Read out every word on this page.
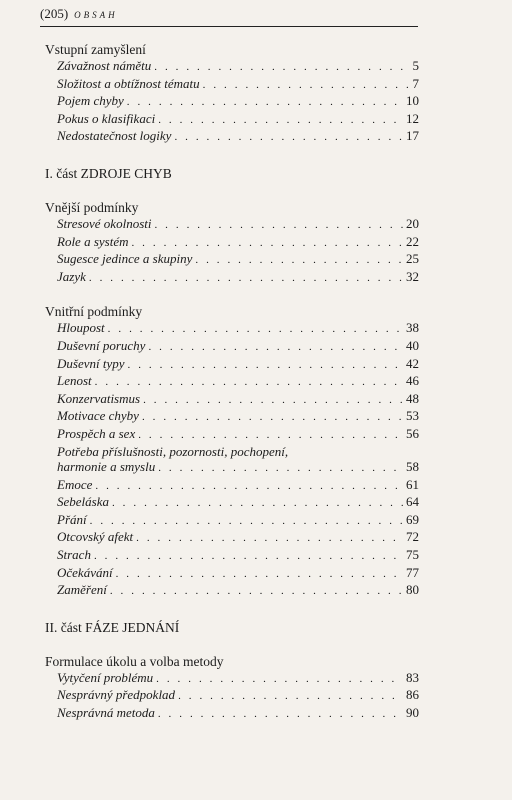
(205) OBSAH
Vstupní zamyšlení
Závažnost námětu . . .	5
Složitost a obtížnost tématu . . .	7
Pojem chyby . . .	10
Pokus o klasifikaci . . .	12
Nedostatečnost logiky . . .	17
I. část ZDROJE CHYB
Vnější podmínky
Stresové okolnosti . . .	20
Role a systém . . .	22
Sugesce jedince a skupiny . . .	25
Jazyk . . .	32
Vnitřní podmínky
Hloupost . . .	38
Duševní poruchy . . .	40
Duševní typy . . .	42
Lenost . . .	46
Konzervatismus . . .	48
Motivace chyby . . .	53
Prospěch a sex . . .	56
Potřeba příslušnosti, pozornosti, pochopení,
harmonie a smyslu . . .	58
Emoce . . .	61
Sebeláska . . .	64
Přání . . .	69
Otcovský afekt . . .	72
Strach . . .	75
Očekávání . . .	77
Zaměření . . .	80
II. část FÁZE JEDNÁNÍ
Formulace úkolu a volba metody
Vytyčení problému . . .	83
Nesprávný předpoklad . . .	86
Nesprávná metoda . . .	90
